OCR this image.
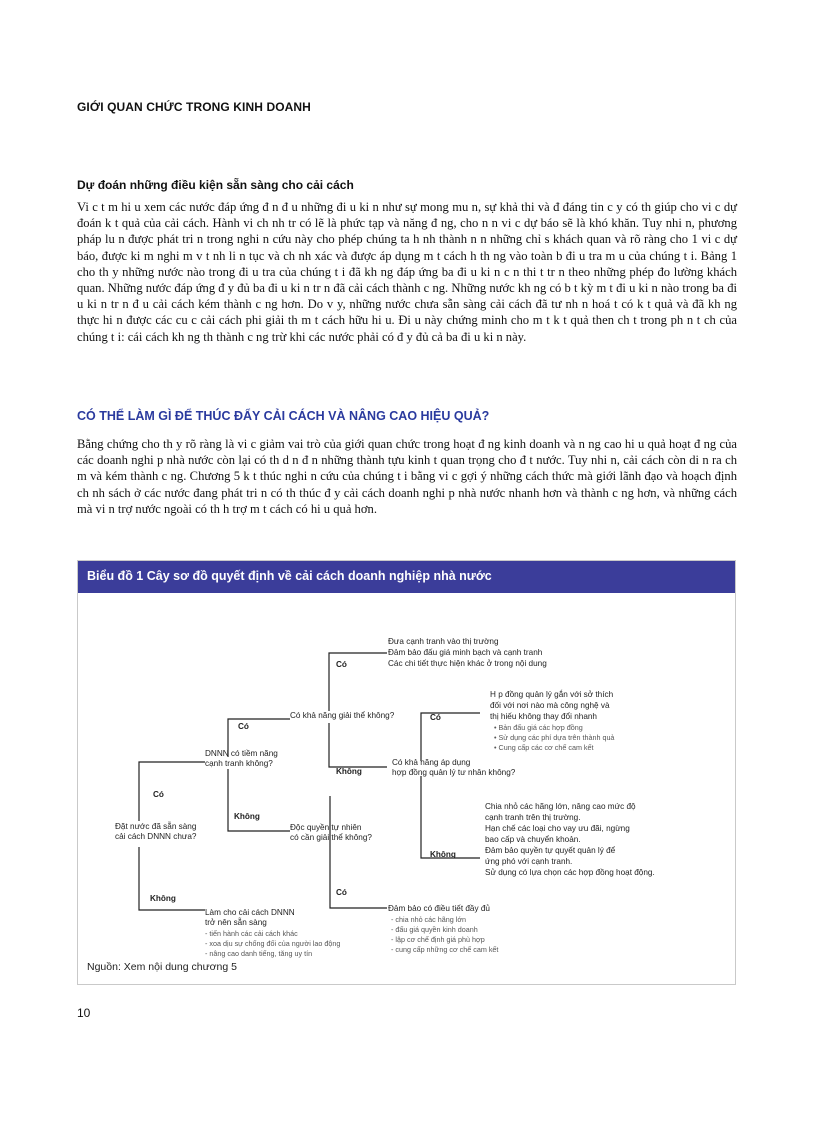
GIỚI QUAN CHỨC TRONG KINH DOANH
Dự đoán những điều kiện sẵn sàng cho cải cách
Vi c t m hi u xem các nước đáp ứng đ n đ u những đi u ki n như sự mong mu n, sự khả thi và đ đáng tin c y có th giúp cho vi c dự đoán k t quả của cải cách. Hành vi ch nh tr có lẽ là phức tạp và năng đ ng, cho n n vi c dự báo sẽ là khó khăn. Tuy nhi n, phương pháp lu n được phát tri n trong nghi n cứu này cho phép chúng ta h nh thành n n những chỉ s khách quan và rõ ràng cho 1 vi c dự báo, được ki m nghi m v t nh li n tục và ch nh xác và được áp dụng m t cách h th ng vào toàn b đi u tra m u của chúng t i. Bảng 1 cho th y những nước nào trong đi u tra của chúng t i đã kh ng đáp ứng ba đi u ki n c n thi t tr n theo những phép đo lường khách quan. Những nước đáp ứng đ y đủ ba đi u ki n tr n đã cải cách thành c ng. Những nước kh ng có b t kỳ m t đi u ki n nào trong ba đi u ki n tr n đ u cải cách kém thành c ng hơn. Do v y, những nước chưa sẵn sàng cải cách đã tư nh n hoá t có k t quả và đã kh ng thực hi n được các cu c cải cách phi giải th m t cách hữu hi u. Đi u này chứng minh cho m t k t quả then ch t trong ph n t ch của chúng t i: cái cách kh ng th thành c ng trừ khi các nước phải có đ y đủ cả ba đi u ki n này.
CÓ THỂ LÀM GÌ ĐỂ THÚC ĐẨY CẢI CÁCH VÀ NÂNG CAO HIỆU QUẢ?
Bằng chứng cho th y rõ ràng là vi c giảm vai trò của giới quan chức trong hoạt đ ng kinh doanh và n ng cao hi u quả hoạt đ ng của các doanh nghi p nhà nước còn lại có th d n đ n những thành tựu kinh t quan trọng cho đ t nước. Tuy nhi n, cải cách còn di n ra ch m và kém thành c ng. Chương 5 k t thúc nghi n cứu của chúng t i bằng vi c gợi ý những cách thức mà giới lãnh đạo và hoạch định ch nh sách ở các nước đang phát tri n có th thúc đ y cải cách doanh nghi p nhà nước nhanh hơn và thành c ng hơn, và những cách mà vi n trợ nước ngoài có th h trợ m t cách có hi u quả hơn.
Biểu đồ 1 Cây sơ đồ quyết định về cải cách doanh nghiệp nhà nước
Có
Không
Có
Không
Có
Không
Có
Không
Có
Đặt nước đã sẵn sàng
cải cách DNNN chưa?
DNNN có tiềm năng
cạnh tranh không?
Có khả năng giải thể không?
Độc quyền tự nhiên
có cần giải thể không?
Có khả năng áp dụng
hợp đồng quản lý tư nhân không?
Làm cho cải cách DNNN
trở nên sẵn sàng
Đưa cạnh tranh vào thị trường
Đảm bảo đấu giá minh bạch và cạnh tranh
Các chi tiết thực hiện khác ở trong nội dung
H p đồng quản lý gắn với sở thích
đối với nơi nào mà công nghệ và
thị hiếu không thay đổi nhanh
• Bản đấu giá các hợp đồng
• Sử dụng các phí dựa trên thành quả
• Cung cấp các cơ chế cam kết
Chia nhỏ các hãng lớn, nâng cao mức độ
cạnh tranh trên thị trường.
Hạn chế các loại cho vay ưu đãi, ngừng
bao cấp và chuyển khoản.
Đảm bảo quyền tự quyết quản lý để
ứng phó với cạnh tranh.
Sử dụng có lựa chọn các hợp đồng hoạt động.
Đảm bảo có điều tiết đầy đủ
- chia nhỏ các hãng lớn
- đấu giá quyền kinh doanh
- lập cơ chế định giá phù hợp
- cung cấp những cơ chế cam kết
- tiến hành các cải cách khác
- xoa dịu sự chống đối của người lao động
- nâng cao danh tiếng, tăng uy tín
Nguồn: Xem nội dung chương 5
10
